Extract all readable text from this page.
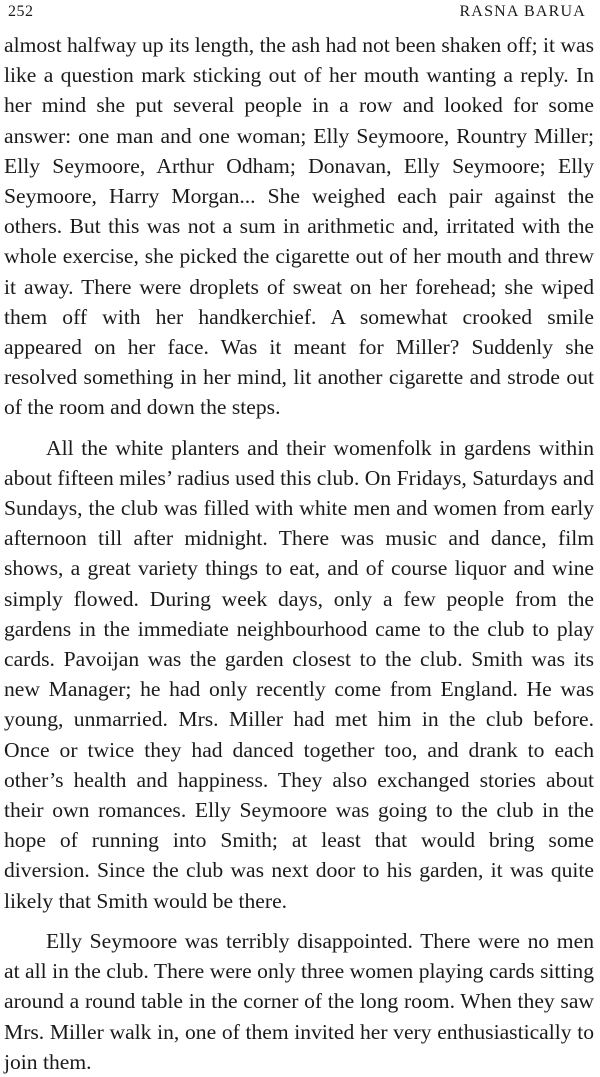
252	RASNA BARUA

almost halfway up its length, the ash had not been shaken off; it was like a question mark sticking out of her mouth wanting a reply. In her mind she put several people in a row and looked for some answer: one man and one woman; Elly Seymoore, Rountry Miller; Elly Seymoore, Arthur Odham; Donavan, Elly Seymoore; Elly Seymoore, Harry Morgan... She weighed each pair against the others. But this was not a sum in arithmetic and, irritated with the whole exercise, she picked the cigarette out of her mouth and threw it away. There were droplets of sweat on her forehead; she wiped them off with her handkerchief. A somewhat crooked smile appeared on her face. Was it meant for Miller? Suddenly she resolved something in her mind, lit another cigarette and strode out of the room and down the steps.

All the white planters and their womenfolk in gardens within about fifteen miles’ radius used this club. On Fridays, Saturdays and Sundays, the club was filled with white men and women from early afternoon till after midnight. There was music and dance, film shows, a great variety things to eat, and of course liquor and wine simply flowed. During week days, only a few people from the gardens in the immediate neighbourhood came to the club to play cards. Pavoijan was the garden closest to the club. Smith was its new Manager; he had only recently come from England. He was young, unmarried. Mrs. Miller had met him in the club before. Once or twice they had danced together too, and drank to each other’s health and happiness. They also exchanged stories about their own romances. Elly Seymoore was going to the club in the hope of running into Smith; at least that would bring some diversion. Since the club was next door to his garden, it was quite likely that Smith would be there.

Elly Seymoore was terribly disappointed. There were no men at all in the club. There were only three women playing cards sitting around a round table in the corner of the long room. When they saw Mrs. Miller walk in, one of them invited her very enthusiastically to join them.
